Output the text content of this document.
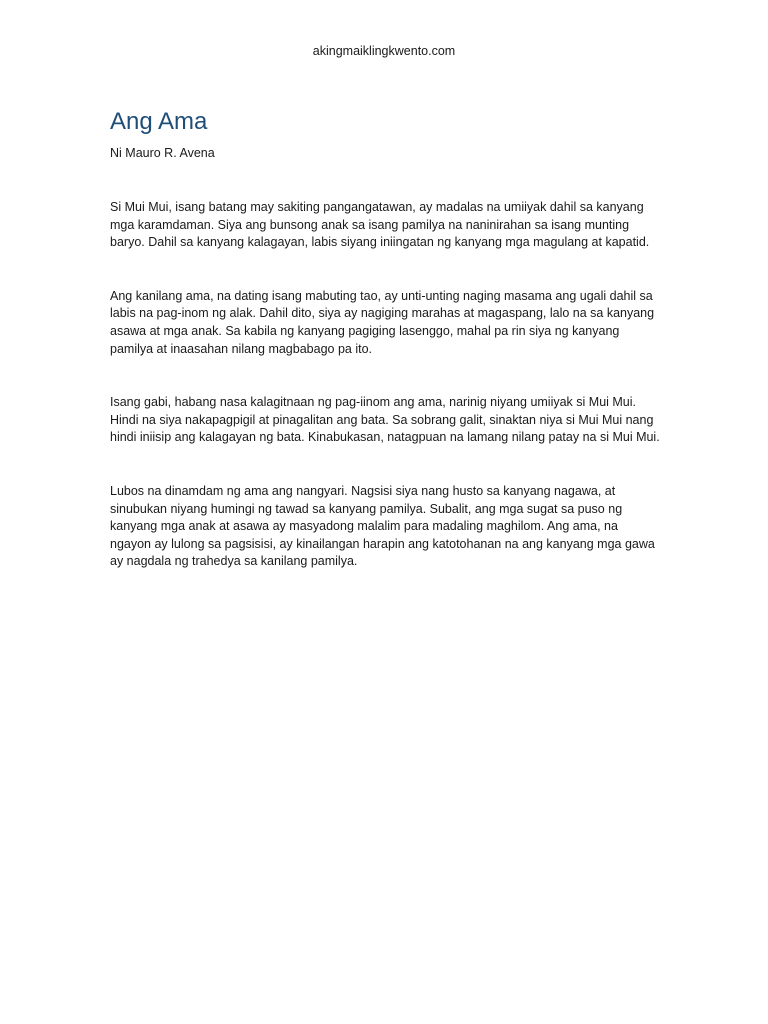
akingmaiklingkwento.com
Ang Ama

Ni Mauro R. Avena

Si Mui Mui, isang batang may sakiting pangangatawan, ay madalas na umiiyak dahil sa kanyang mga karamdaman. Siya ang bunsong anak sa isang pamilya na naninirahan sa isang munting baryo. Dahil sa kanyang kalagayan, labis siyang iniingatan ng kanyang mga magulang at kapatid.

Ang kanilang ama, na dating isang mabuting tao, ay unti-unting naging masama ang ugali dahil sa labis na pag-inom ng alak. Dahil dito, siya ay nagiging marahas at magaspang, lalo na sa kanyang asawa at mga anak. Sa kabila ng kanyang pagiging lasenggo, mahal pa rin siya ng kanyang pamilya at inaasahan nilang magbabago pa ito.

Isang gabi, habang nasa kalagitnaan ng pag-iinom ang ama, narinig niyang umiiyak si Mui Mui. Hindi na siya nakapagpigil at pinagalitan ang bata. Sa sobrang galit, sinaktan niya si Mui Mui nang hindi iniisip ang kalagayan ng bata. Kinabukasan, natagpuan na lamang nilang patay na si Mui Mui.

Lubos na dinamdam ng ama ang nangyari. Nagsisi siya nang husto sa kanyang nagawa, at sinubukan niyang humingi ng tawad sa kanyang pamilya. Subalit, ang mga sugat sa puso ng kanyang mga anak at asawa ay masyadong malalim para madaling maghilom. Ang ama, na ngayon ay lulong sa pagsisisi, ay kinailangan harapin ang katotohanan na ang kanyang mga gawa ay nagdala ng trahedya sa kanilang pamilya.
